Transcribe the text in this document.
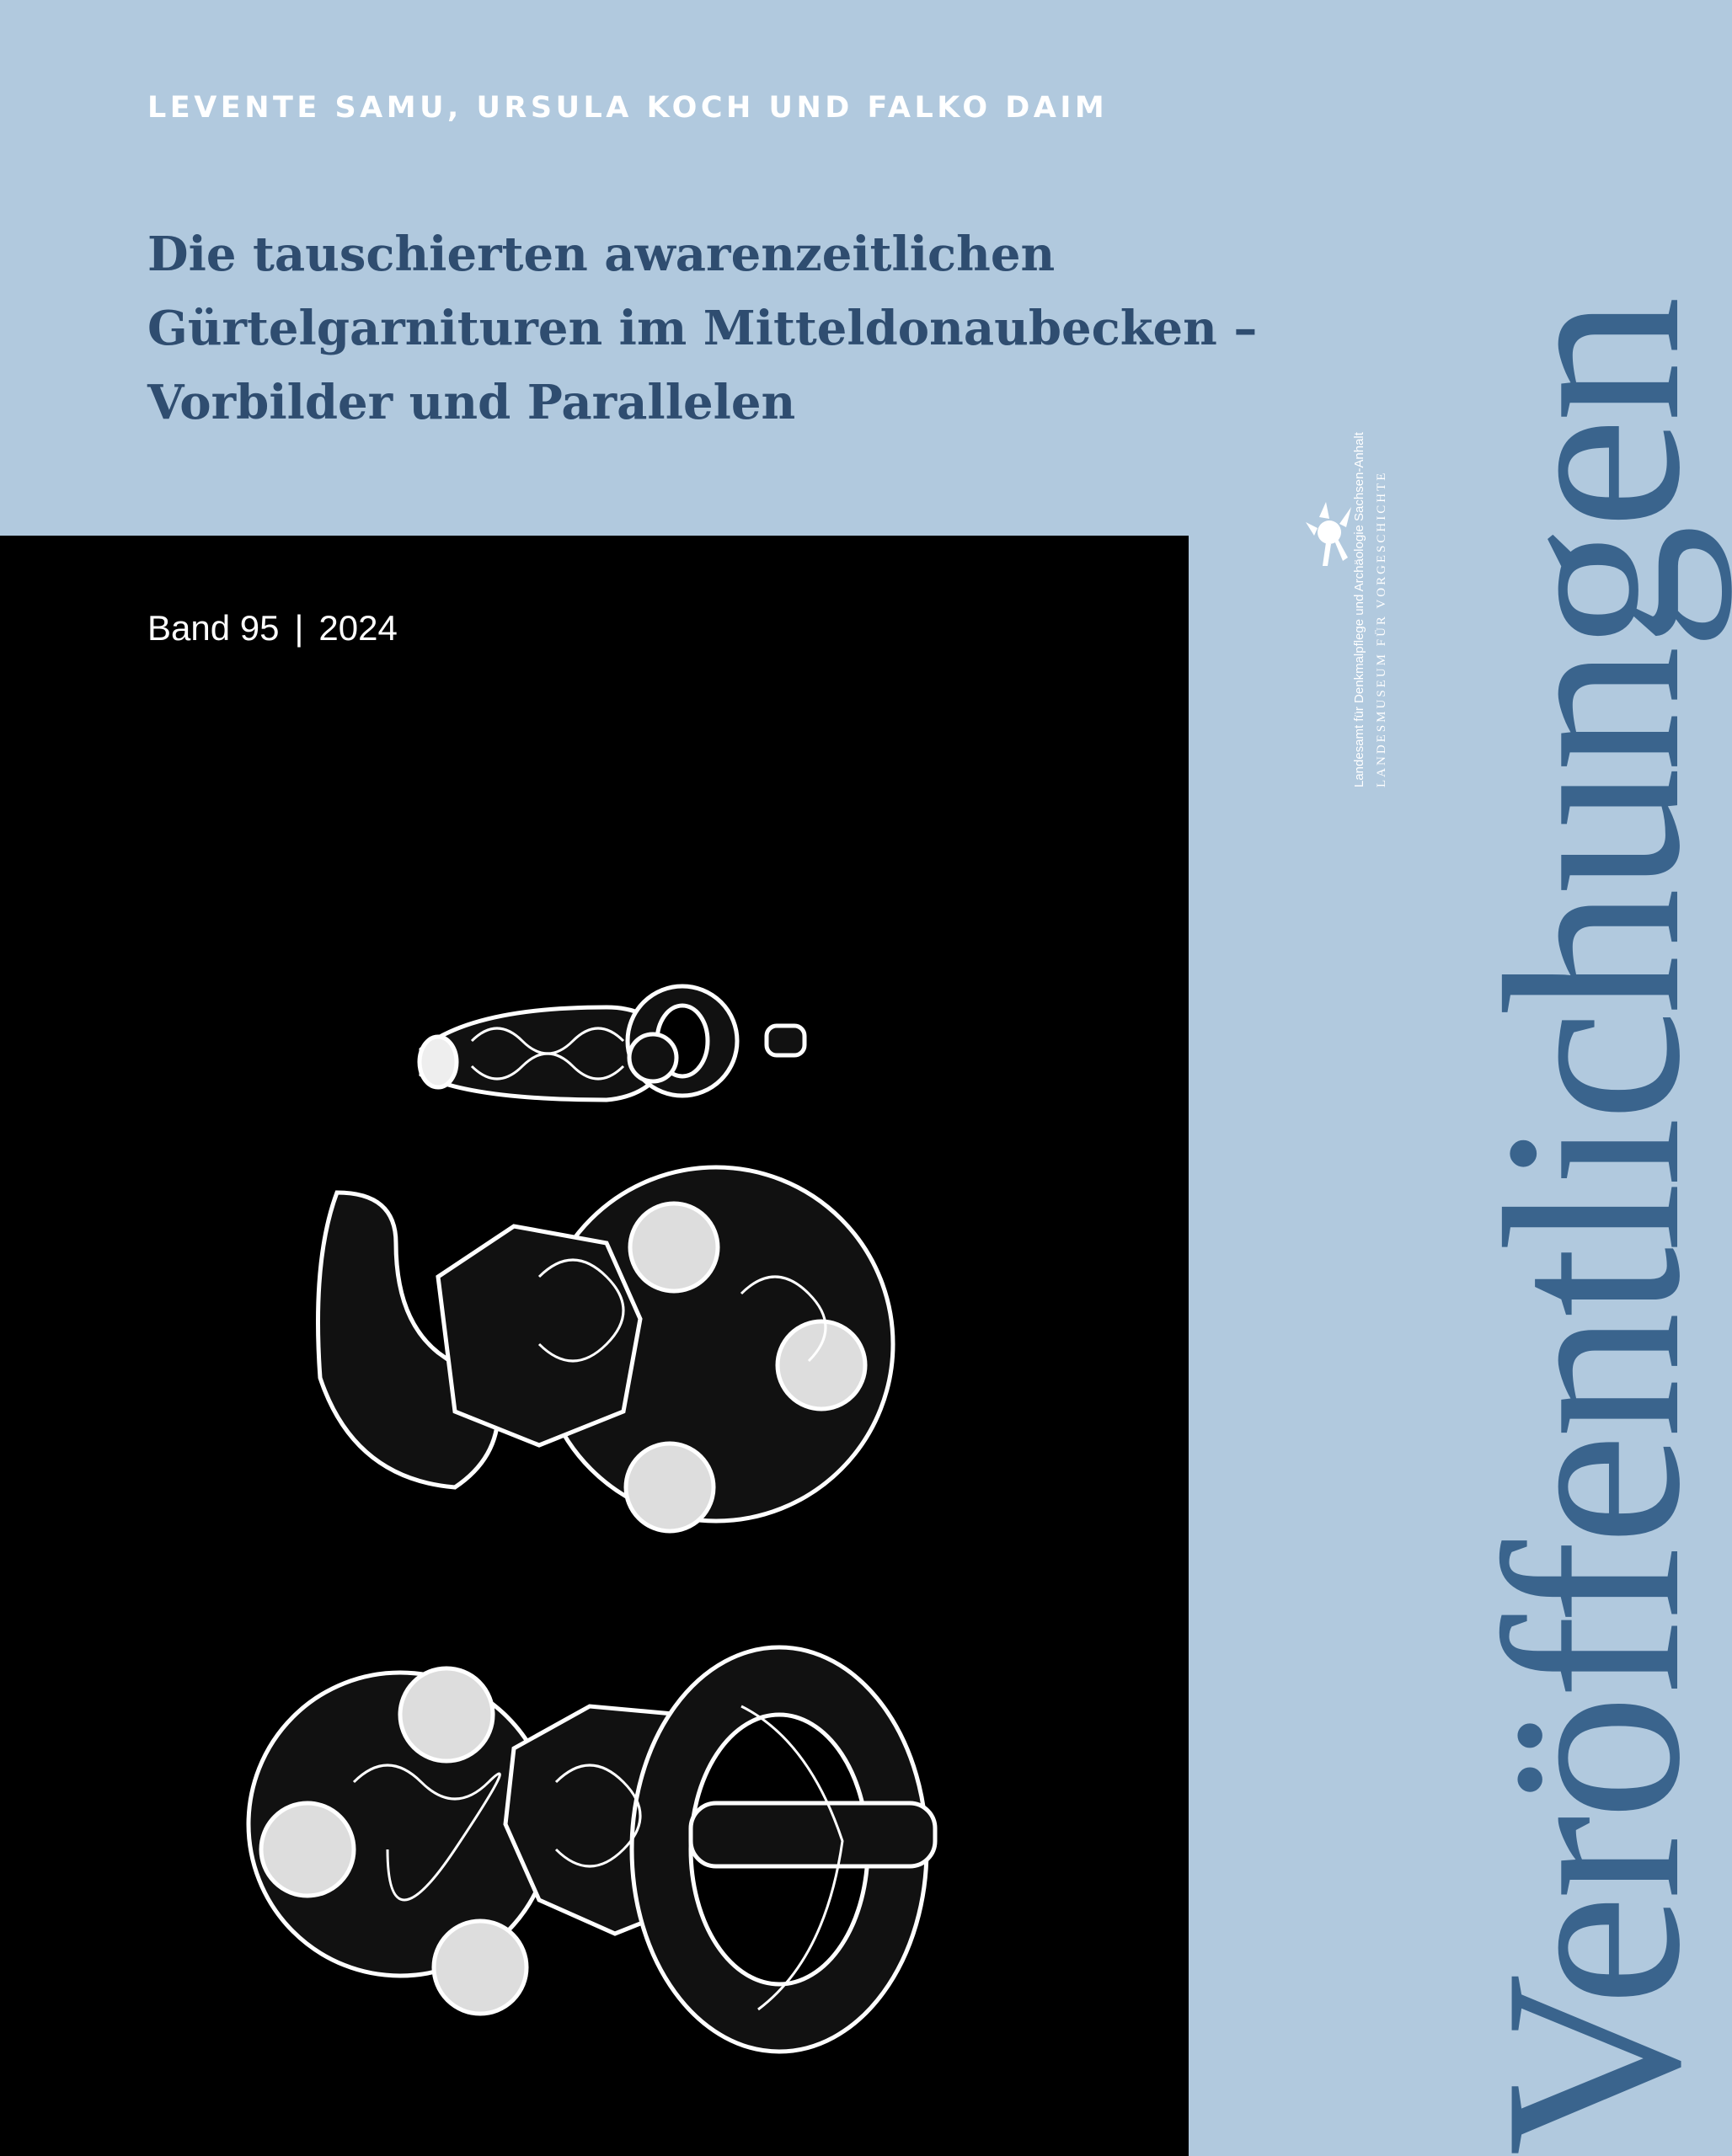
LEVENTE SAMU, URSULA KOCH UND FALKO DAIM
Die tauschierten awarenzeitlichen
Gürtelgarnituren im Mitteldonaubecken –
Vorbilder und Parallelen
Band 95 | 2024	Veröffentlichungen
Landesamt für Denkmalpflege und Archäologie Sachsen-Anhalt LANDESMUSEUM FÜR VORGESCHICHTE
